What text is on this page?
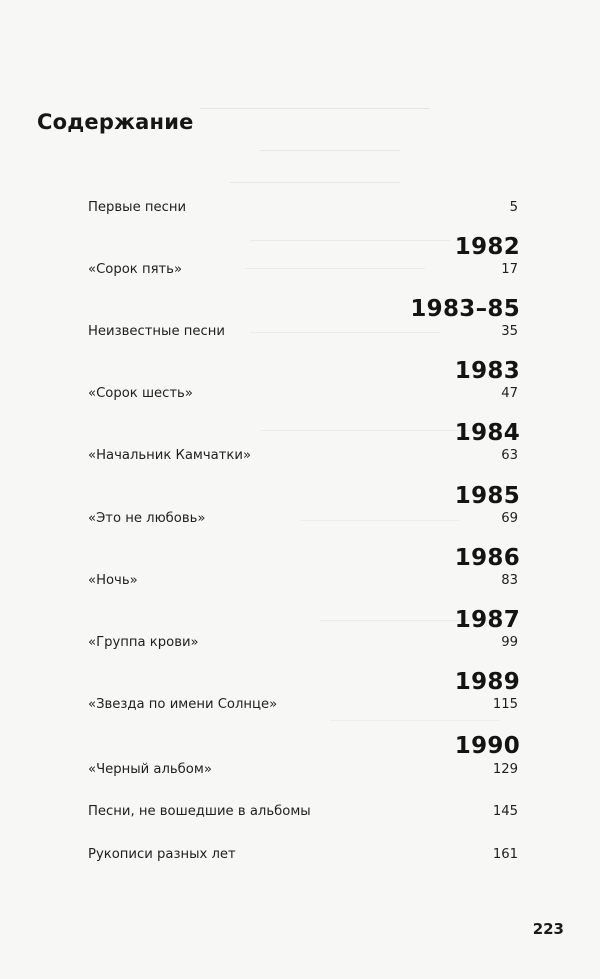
Содержание
Первые песни	5
1982
«Сорок пять»	17
1983–85
Неизвестные песни	35
1983
«Сорок шесть»	47
1984
«Начальник Камчатки»	63
1985
«Это не любовь»	69
1986
«Ночь»	83
1987
«Группа крови»	99
1989
«Звезда по имени Солнце»	115
1990
«Черный альбом»	129
Песни, не вошедшие в альбомы	145
Рукописи разных лет	161
223
